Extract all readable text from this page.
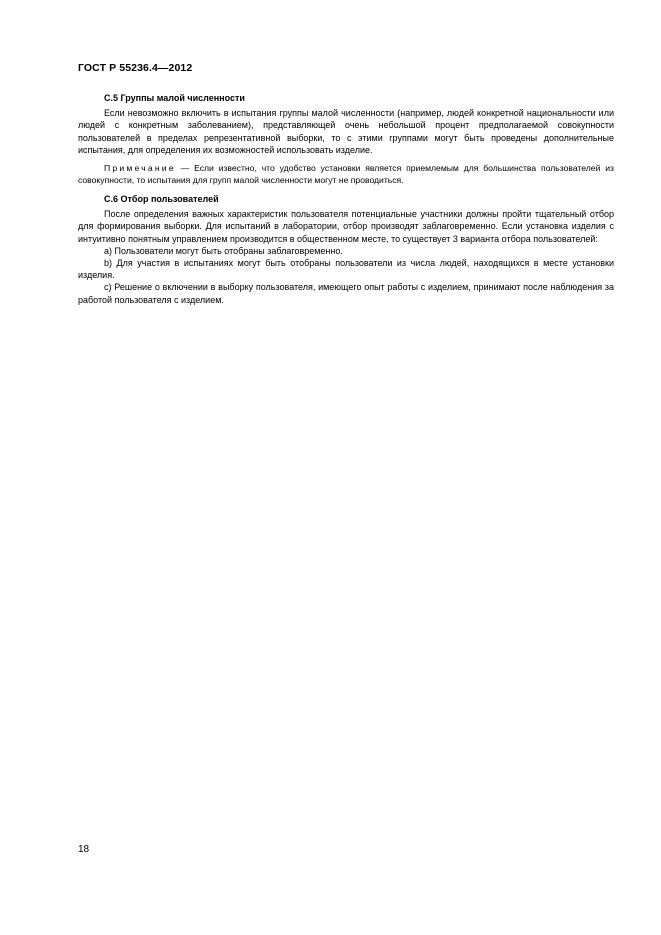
ГОСТ Р 55236.4—2012
С.5 Группы малой численности

Если невозможно включить в испытания группы малой численности (например, людей конкретной национальности или людей с конкретным заболеванием), представляющей очень небольшой процент предполагаемой совокупности пользователей в пределах репрезентативной выборки, то с этими группами могут быть проведены дополнительные испытания, для определения их возможностей использовать изделие.

Примечание — Если известно, что удобство установки является приемлемым для большинства пользователей из совокупности, то испытания для групп малой численности могут не проводиться.

С.6 Отбор пользователей

После определения важных характеристик пользователя потенциальные участники должны пройти тщательный отбор для формирования выборки. Для испытаний в лаборатории, отбор производят заблаговременно. Если установка изделия с интуитивно понятным управлением производится в общественном месте, то существует 3 варианта отбора пользователей:

a) Пользователи могут быть отобраны заблаговременно.

b) Для участия в испытаниях могут быть отобраны пользователи из числа людей, находящихся в месте установки изделия.

c) Решение о включении в выборку пользователя, имеющего опыт работы с изделием, принимают после наблюдения за работой пользователя с изделием.

18
